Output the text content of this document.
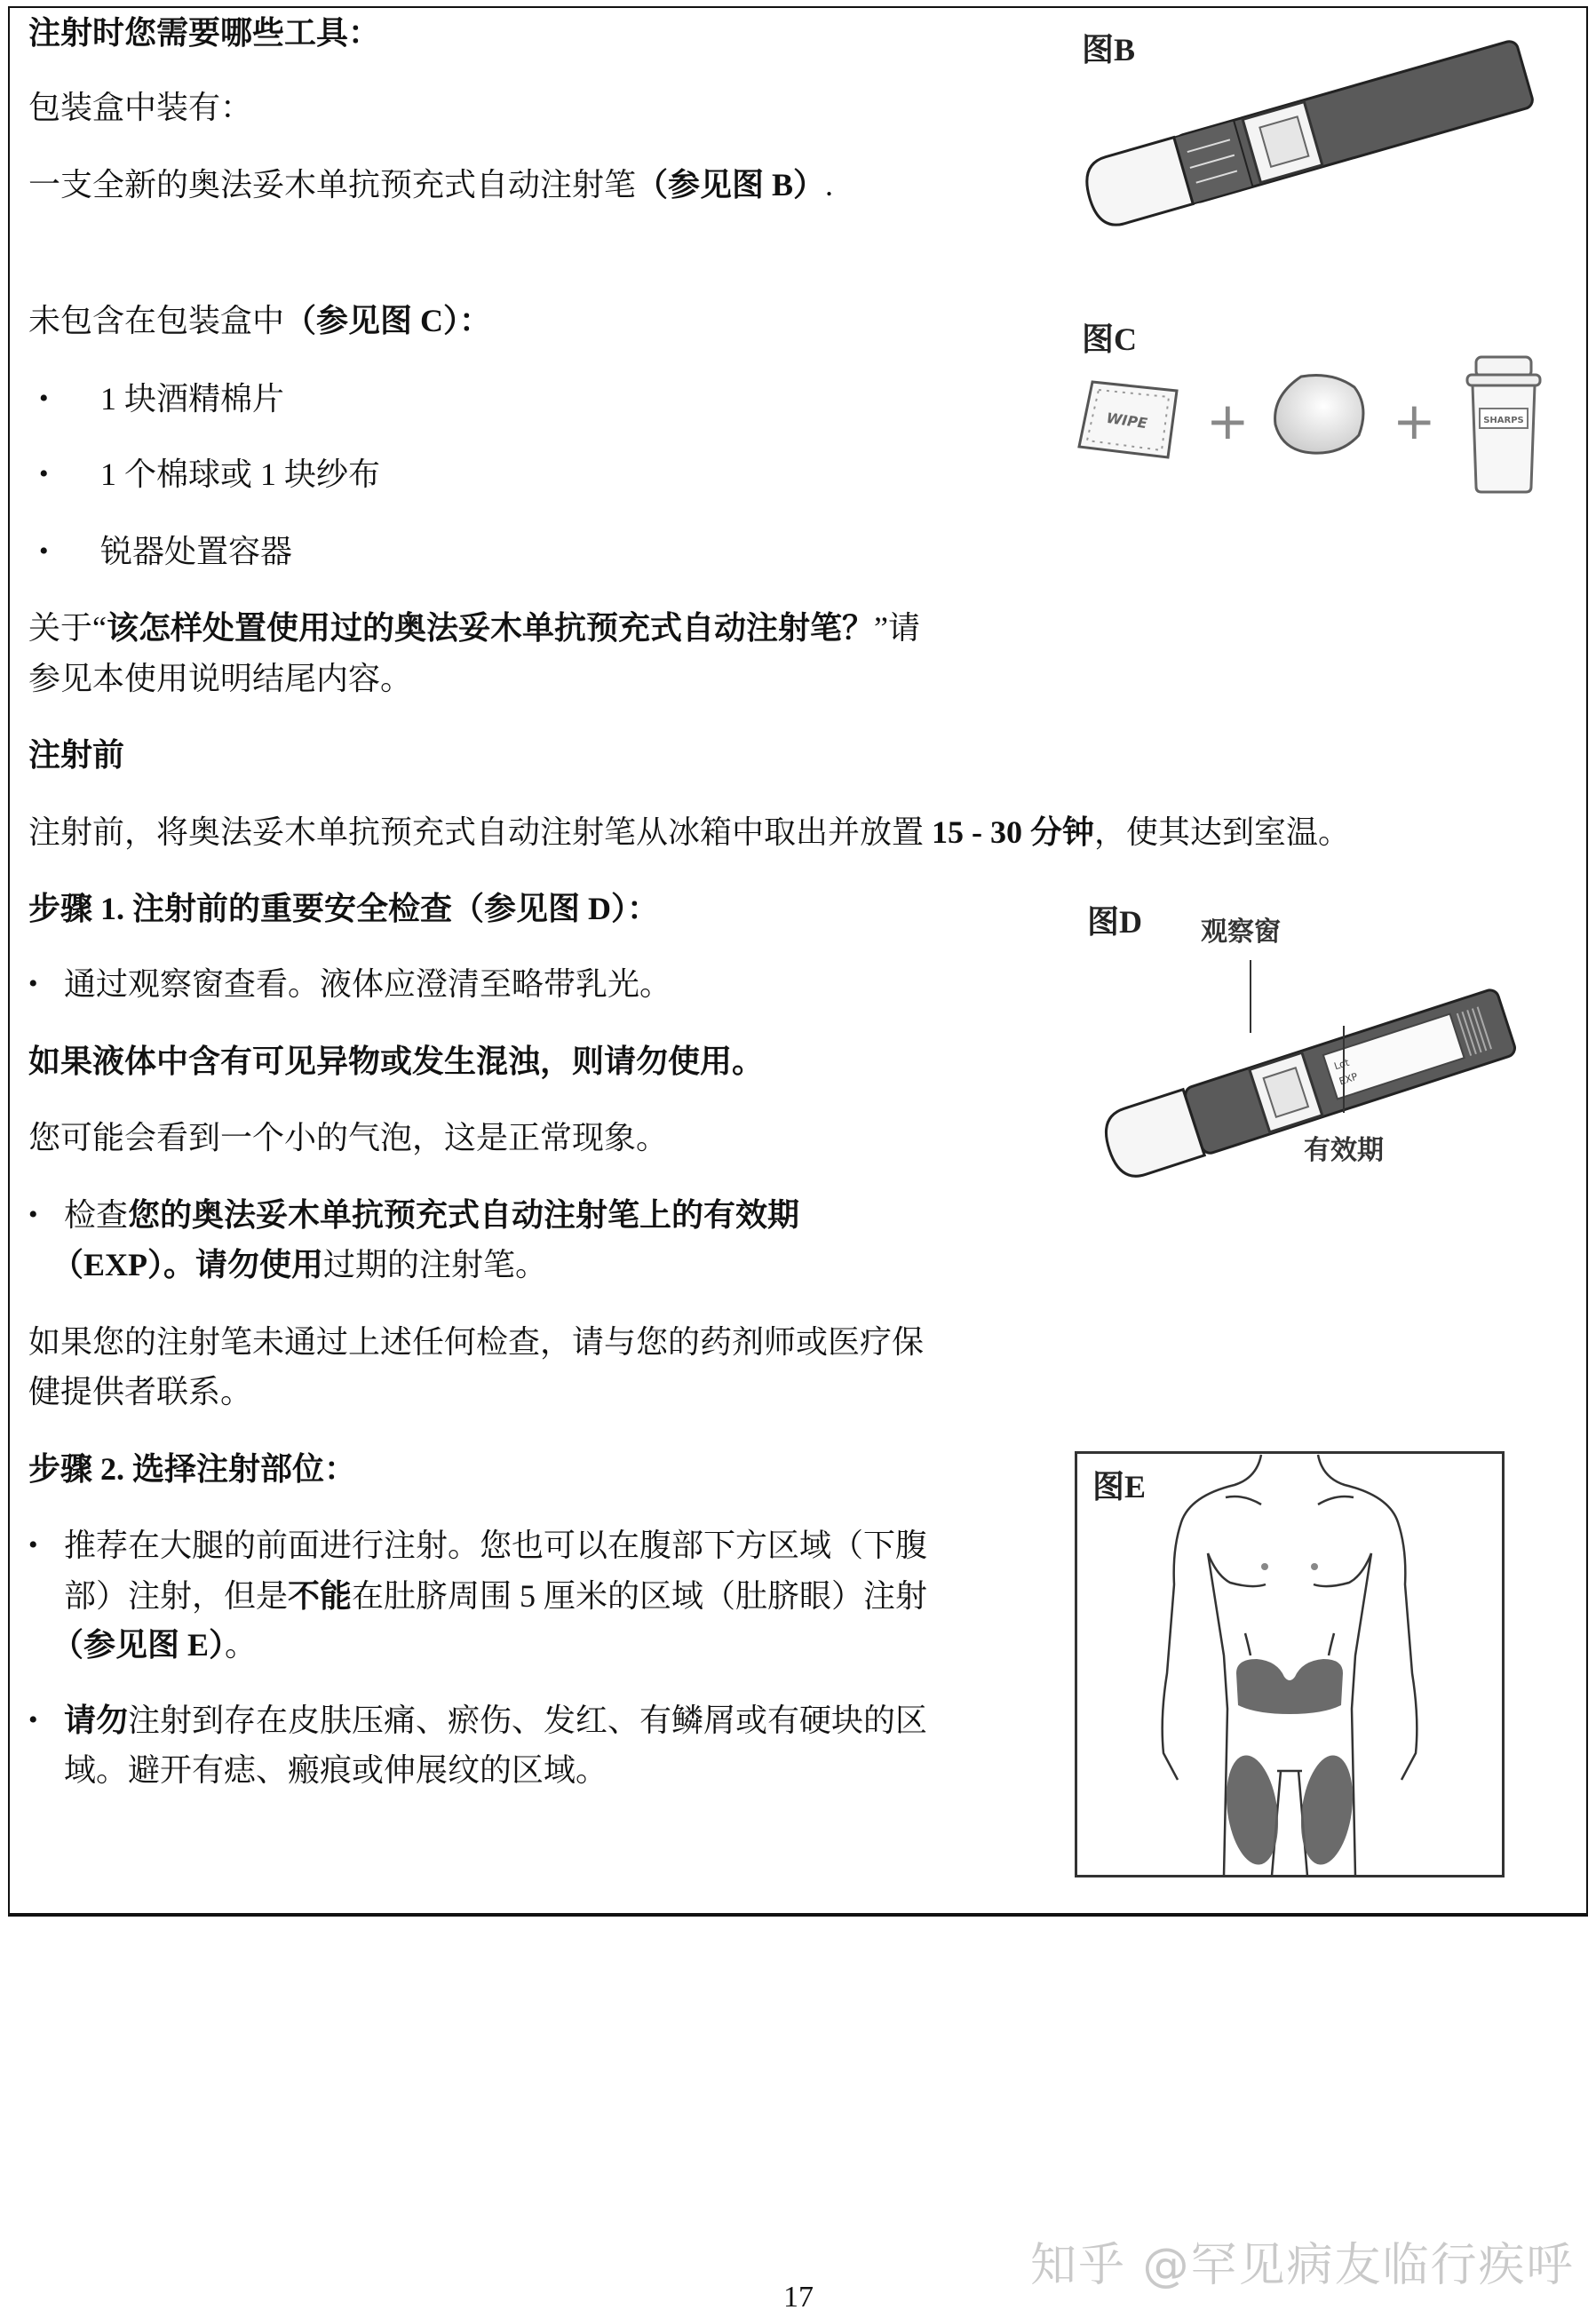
注射时您需要哪些工具：
包装盒中装有：
一支全新的奥法妥木单抗预充式自动注射笔（参见图 B）.
未包含在包装盒中（参见图 C）：
• 1 块酒精棉片
• 1 个棉球或 1 块纱布
• 锐器处置容器
关于“该怎样处置使用过的奥法妥木单抗预充式自动注射笔？”请
参见本使用说明结尾内容。
注射前
注射前，将奥法妥木单抗预充式自动注射笔从冰箱中取出并放置 15 - 30 分钟，使其达到室温。
步骤 1. 注射前的重要安全检查（参见图 D）：
• 通过观察窗查看。液体应澄清至略带乳光。
如果液体中含有可见异物或发生混浊，则请勿使用。
您可能会看到一个小的气泡，这是正常现象。
• 检查您的奥法妥木单抗预充式自动注射笔上的有效期
（EXP）。请勿使用过期的注射笔。
如果您的注射笔未通过上述任何检查，请与您的药剂师或医疗保
健提供者联系。
步骤 2. 选择注射部位：
• 推荐在大腿的前面进行注射。您也可以在腹部下方区域（下腹
部）注射，但是不能在肚脐周围 5 厘米的区域（肚脐眼）注射
（参见图 E）。
• 请勿注射到存在皮肤压痛、瘀伤、发红、有鳞屑或有硬块的区
域。避开有痣、瘢痕或伸展纹的区域。
图B
图C
WIPE +	+	SHARPS
图D 观察窗
Lot
EXP
有效期
图E
知乎 @罕见病友临行疾呼
17
